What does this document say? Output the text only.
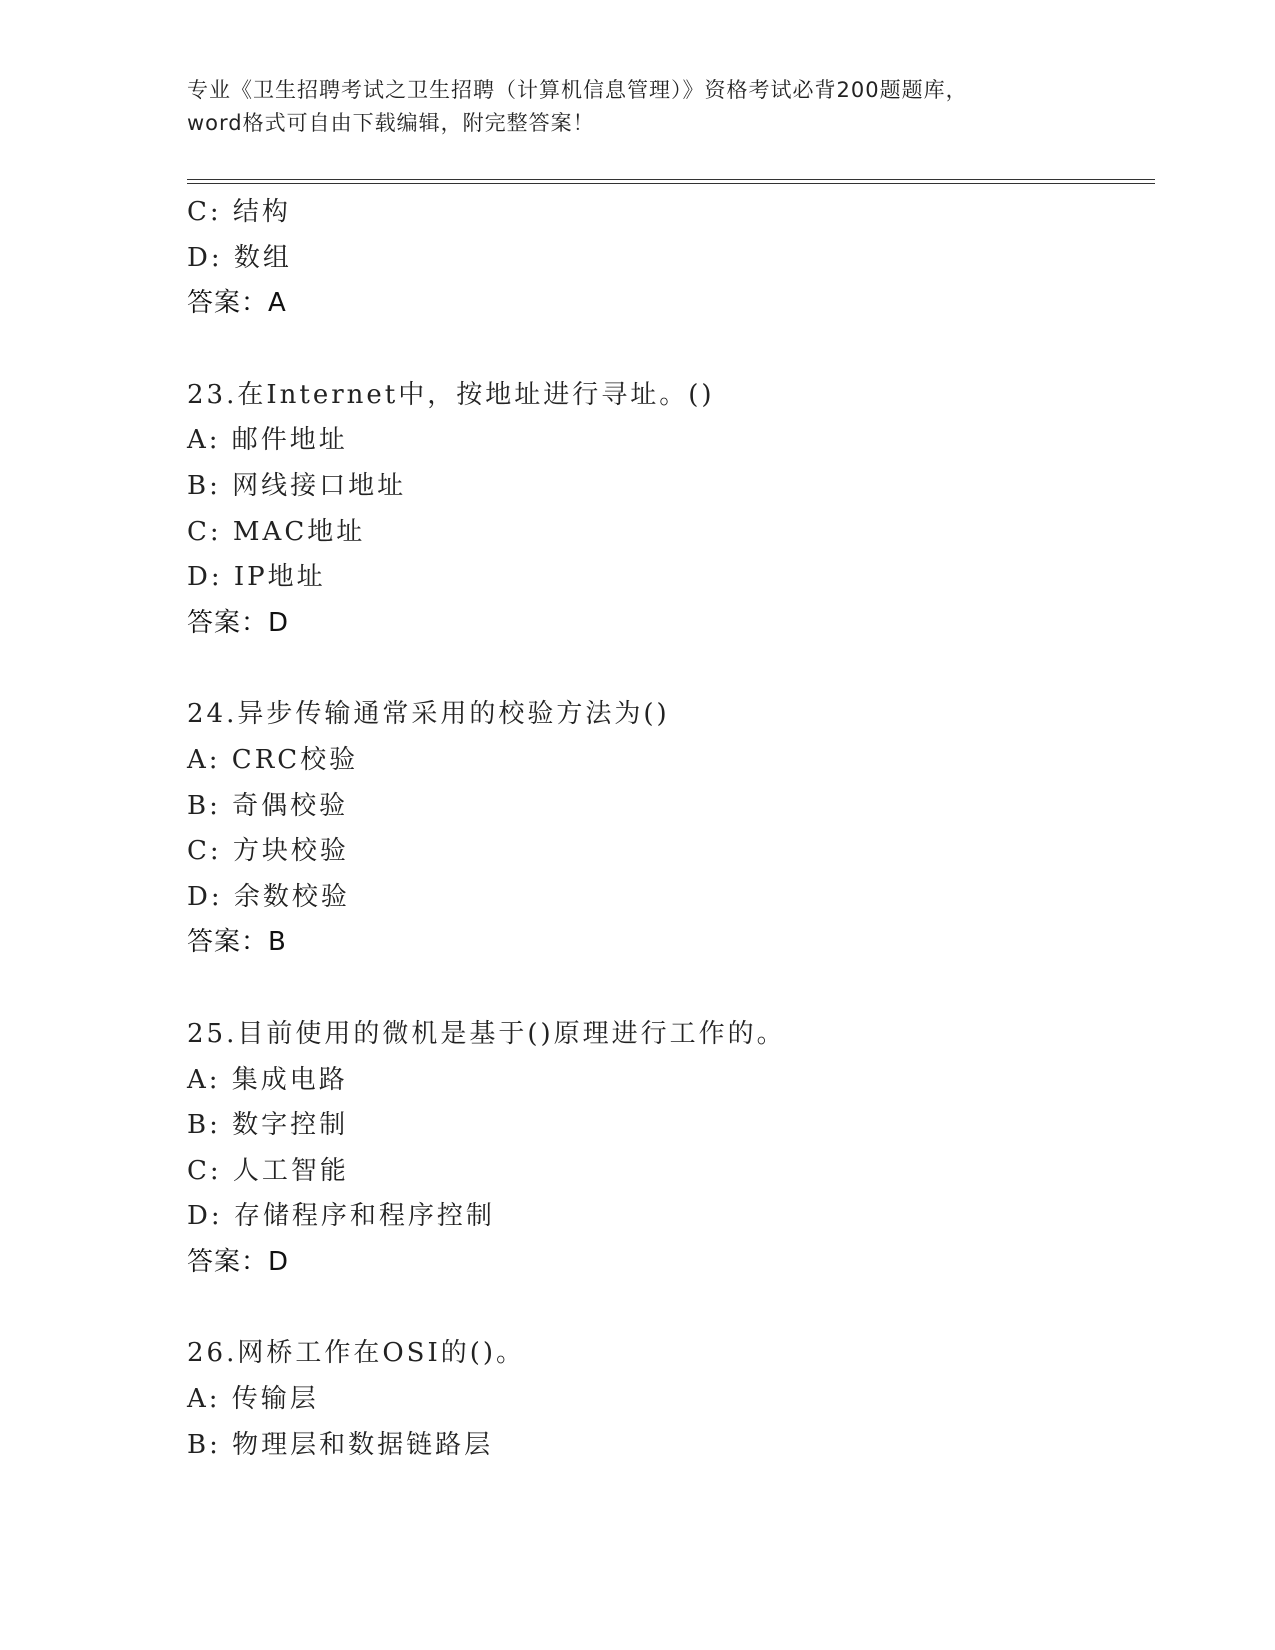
专业《卫生招聘考试之卫生招聘（计算机信息管理）》资格考试必背200题题库，
word格式可自由下载编辑，附完整答案！
C: 结构
D: 数组
答案：A
23.在Internet中，按地址进行寻址。()
A: 邮件地址
B: 网线接口地址
C: MAC地址
D: IP地址
答案：D
24.异步传输通常采用的校验方法为()
A: CRC校验
B: 奇偶校验
C: 方块校验
D: 余数校验
答案：B
25.目前使用的微机是基于()原理进行工作的。
A: 集成电路
B: 数字控制
C: 人工智能
D: 存储程序和程序控制
答案：D
26.网桥工作在OSI的()。
A: 传输层
B: 物理层和数据链路层
